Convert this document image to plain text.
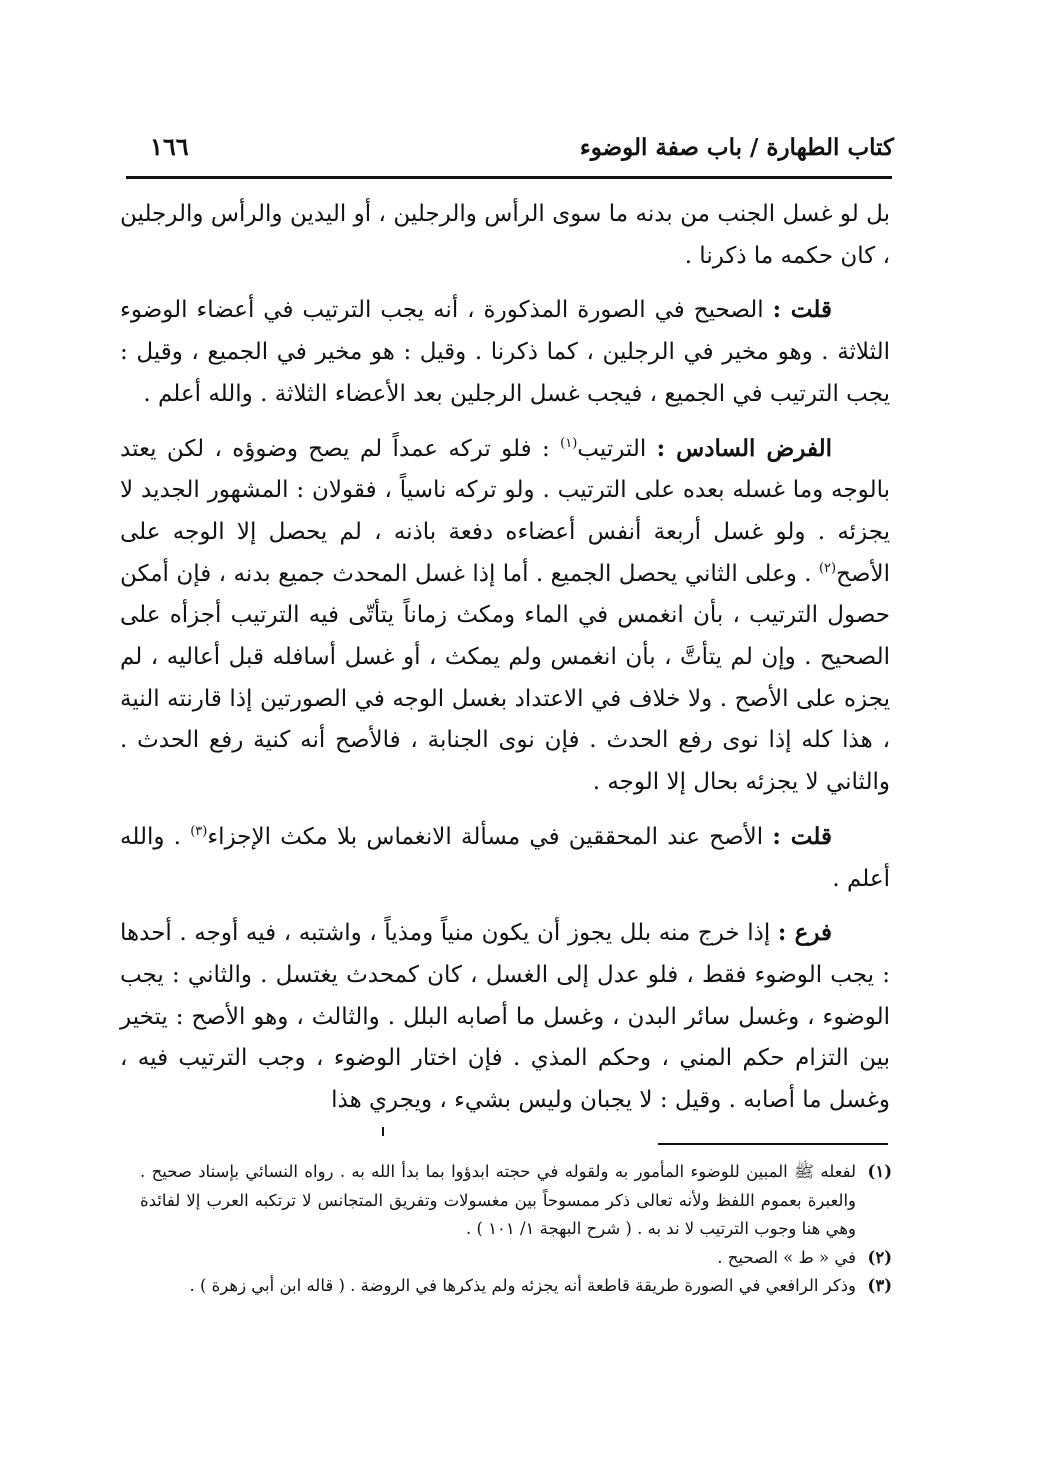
كتاب الطهارة / باب صفة الوضوء
١٦٦

بل لو غسل الجنب من بدنه ما سوى الرأس والرجلين ، أو اليدين والرأس والرجلين ، كان حكمه ما ذكرنا .

قلت : الصحيح في الصورة المذكورة ، أنه يجب الترتيب في أعضاء الوضوء الثلاثة . وهو مخير في الرجلين ، كما ذكرنا . وقيل : هو مخير في الجميع ، وقيل : يجب الترتيب في الجميع ، فيجب غسل الرجلين بعد الأعضاء الثلاثة . والله أعلم .

الفرض السادس : الترتيب$^{(١)}$ : فلو تركه عمداً لم يصح وضوؤه ، لكن يعتد بالوجه وما غسله بعده على الترتيب . ولو تركه ناسياً ، فقولان : المشهور الجديد لا يجزئه . ولو غسل أربعة أنفس أعضاءه دفعة باذنه ، لم يحصل إلا الوجه على الأصح$^{(٢)}$ . وعلى الثاني يحصل الجميع . أما إذا غسل المحدث جميع بدنه ، فإن أمكن حصول الترتيب ، بأن انغمس في الماء ومكث زماناً يتأتّى فيه الترتيب أجزأه على الصحيح . وإن لم يتأتَّ ، بأن انغمس ولم يمكث ، أو غسل أسافله قبل أعاليه ، لم يجزه على الأصح . ولا خلاف في الاعتداد بغسل الوجه في الصورتين إذا قارنته النية ، هذا كله إذا نوى رفع الحدث . فإن نوى الجنابة ، فالأصح أنه كنية رفع الحدث . والثاني لا يجزئه بحال إلا الوجه .

قلت : الأصح عند المحققين في مسألة الانغماس بلا مكث الإجزاء$^{(٣)}$ . والله أعلم .

فرع : إذا خرج منه بلل يجوز أن يكون منياً ومذياً ، واشتبه ، فيه أوجه . أحدها : يجب الوضوء فقط ، فلو عدل إلى الغسل ، كان كمحدث يغتسل . والثاني : يجب الوضوء ، وغسل سائر البدن ، وغسل ما أصابه البلل . والثالث ، وهو الأصح : يتخير بين التزام حكم المني ، وحكم المذي . فإن اختار الوضوء ، وجب الترتيب فيه ، وغسل ما أصابه . وقيل : لا يجبان وليس بشيء ، ويجري هذا

(١)
لفعله ﷺ المبين للوضوء المأمور به ولقوله في حجته ابدؤوا بما بدأ الله به . رواه النسائي بإسناد صحيح . والعبرة بعموم اللفظ ولأنه تعالى ذكر ممسوحاً بين مغسولات وتفريق المتجانس لا ترتكبه العرب إلا لفائدة وهي هنا وجوب الترتيب لا ند به . ( شرح البهجة ١/ ١٠١ ) .

(٢)
في « ط » الصحيح .

(٣)
وذكر الرافعي في الصورة طريقة قاطعة أنه يجزئه ولم يذكرها في الروضة . ( قاله ابن أبي زهرة ) .
